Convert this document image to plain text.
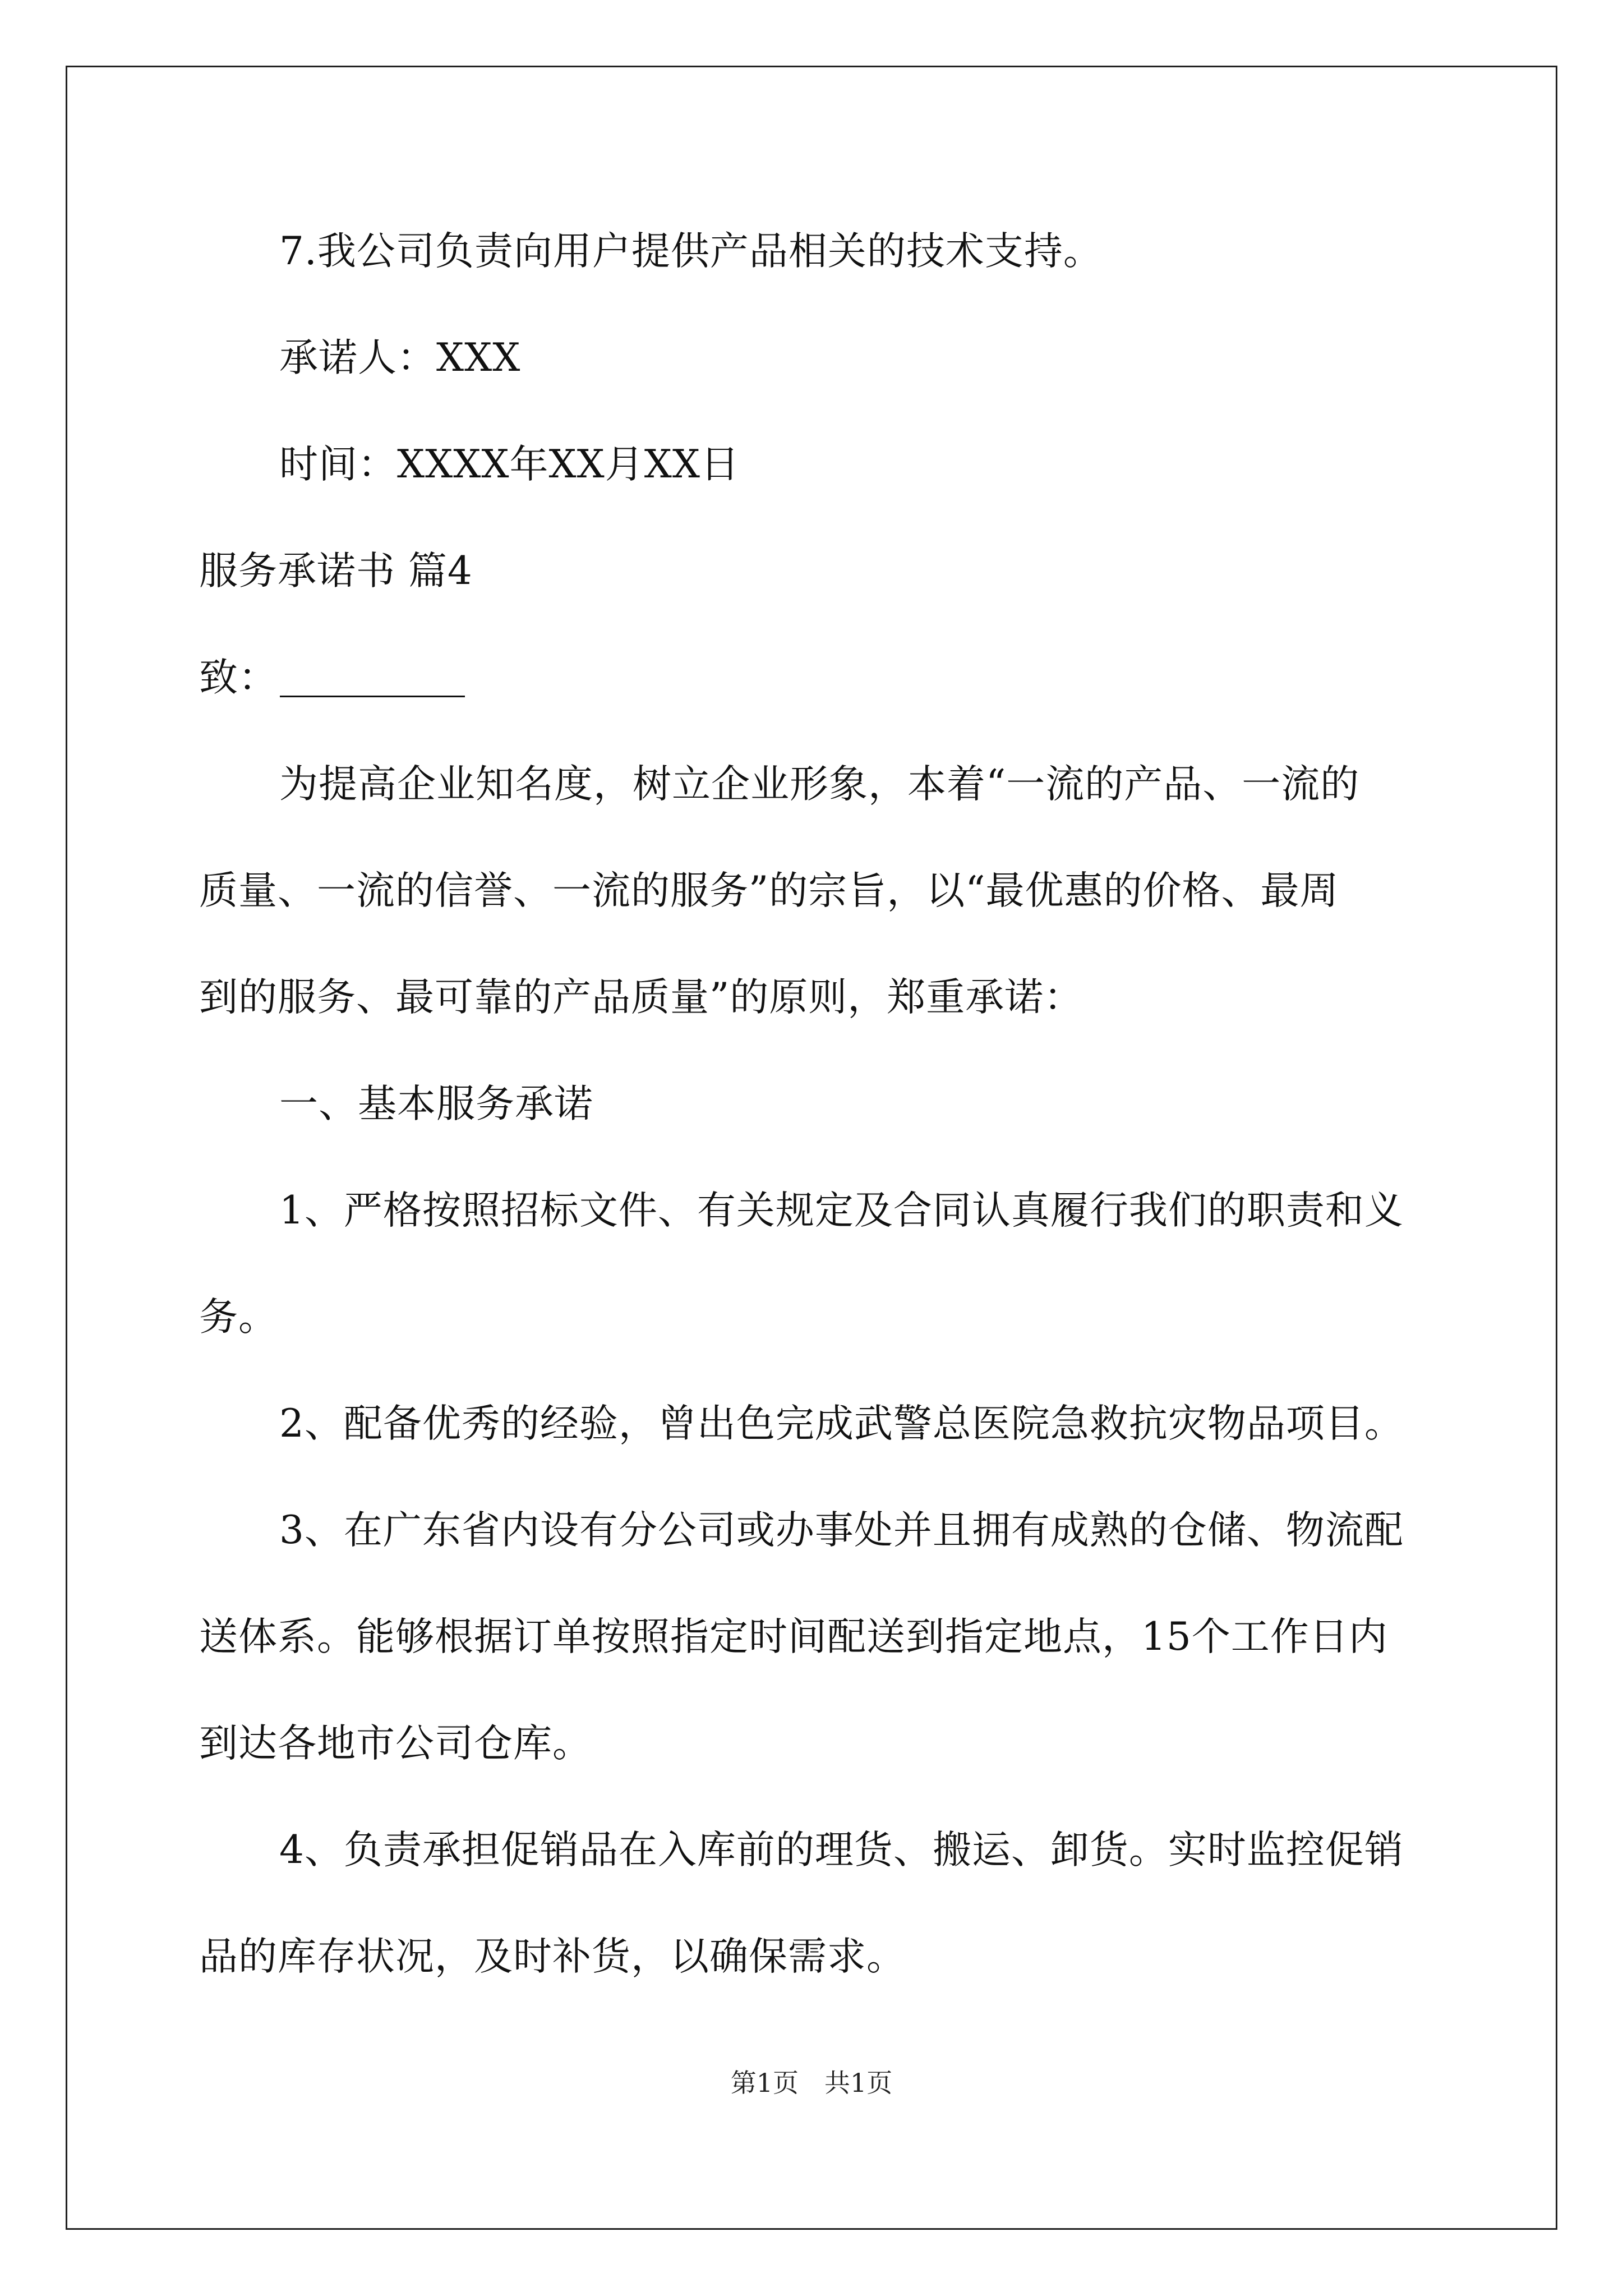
7.我公司负责向用户提供产品相关的技术支持。
承诺人：XXX
时间：XXXX年XX月XX日
服务承诺书 篇4
致：
为提高企业知名度，树立企业形象，本着“一流的产品、一流的
质量、一流的信誉、一流的服务”的宗旨，以“最优惠的价格、最周
到的服务、最可靠的产品质量”的原则，郑重承诺：
一、基本服务承诺
1、严格按照招标文件、有关规定及合同认真履行我们的职责和义
务。
2、配备优秀的经验，曾出色完成武警总医院急救抗灾物品项目。
3、在广东省内设有分公司或办事处并且拥有成熟的仓储、物流配
送体系。能够根据订单按照指定时间配送到指定地点，15个工作日内
到达各地市公司仓库。
4、负责承担促销品在入库前的理货、搬运、卸货。实时监控促销
品的库存状况，及时补货，以确保需求。
第1页　共1页
